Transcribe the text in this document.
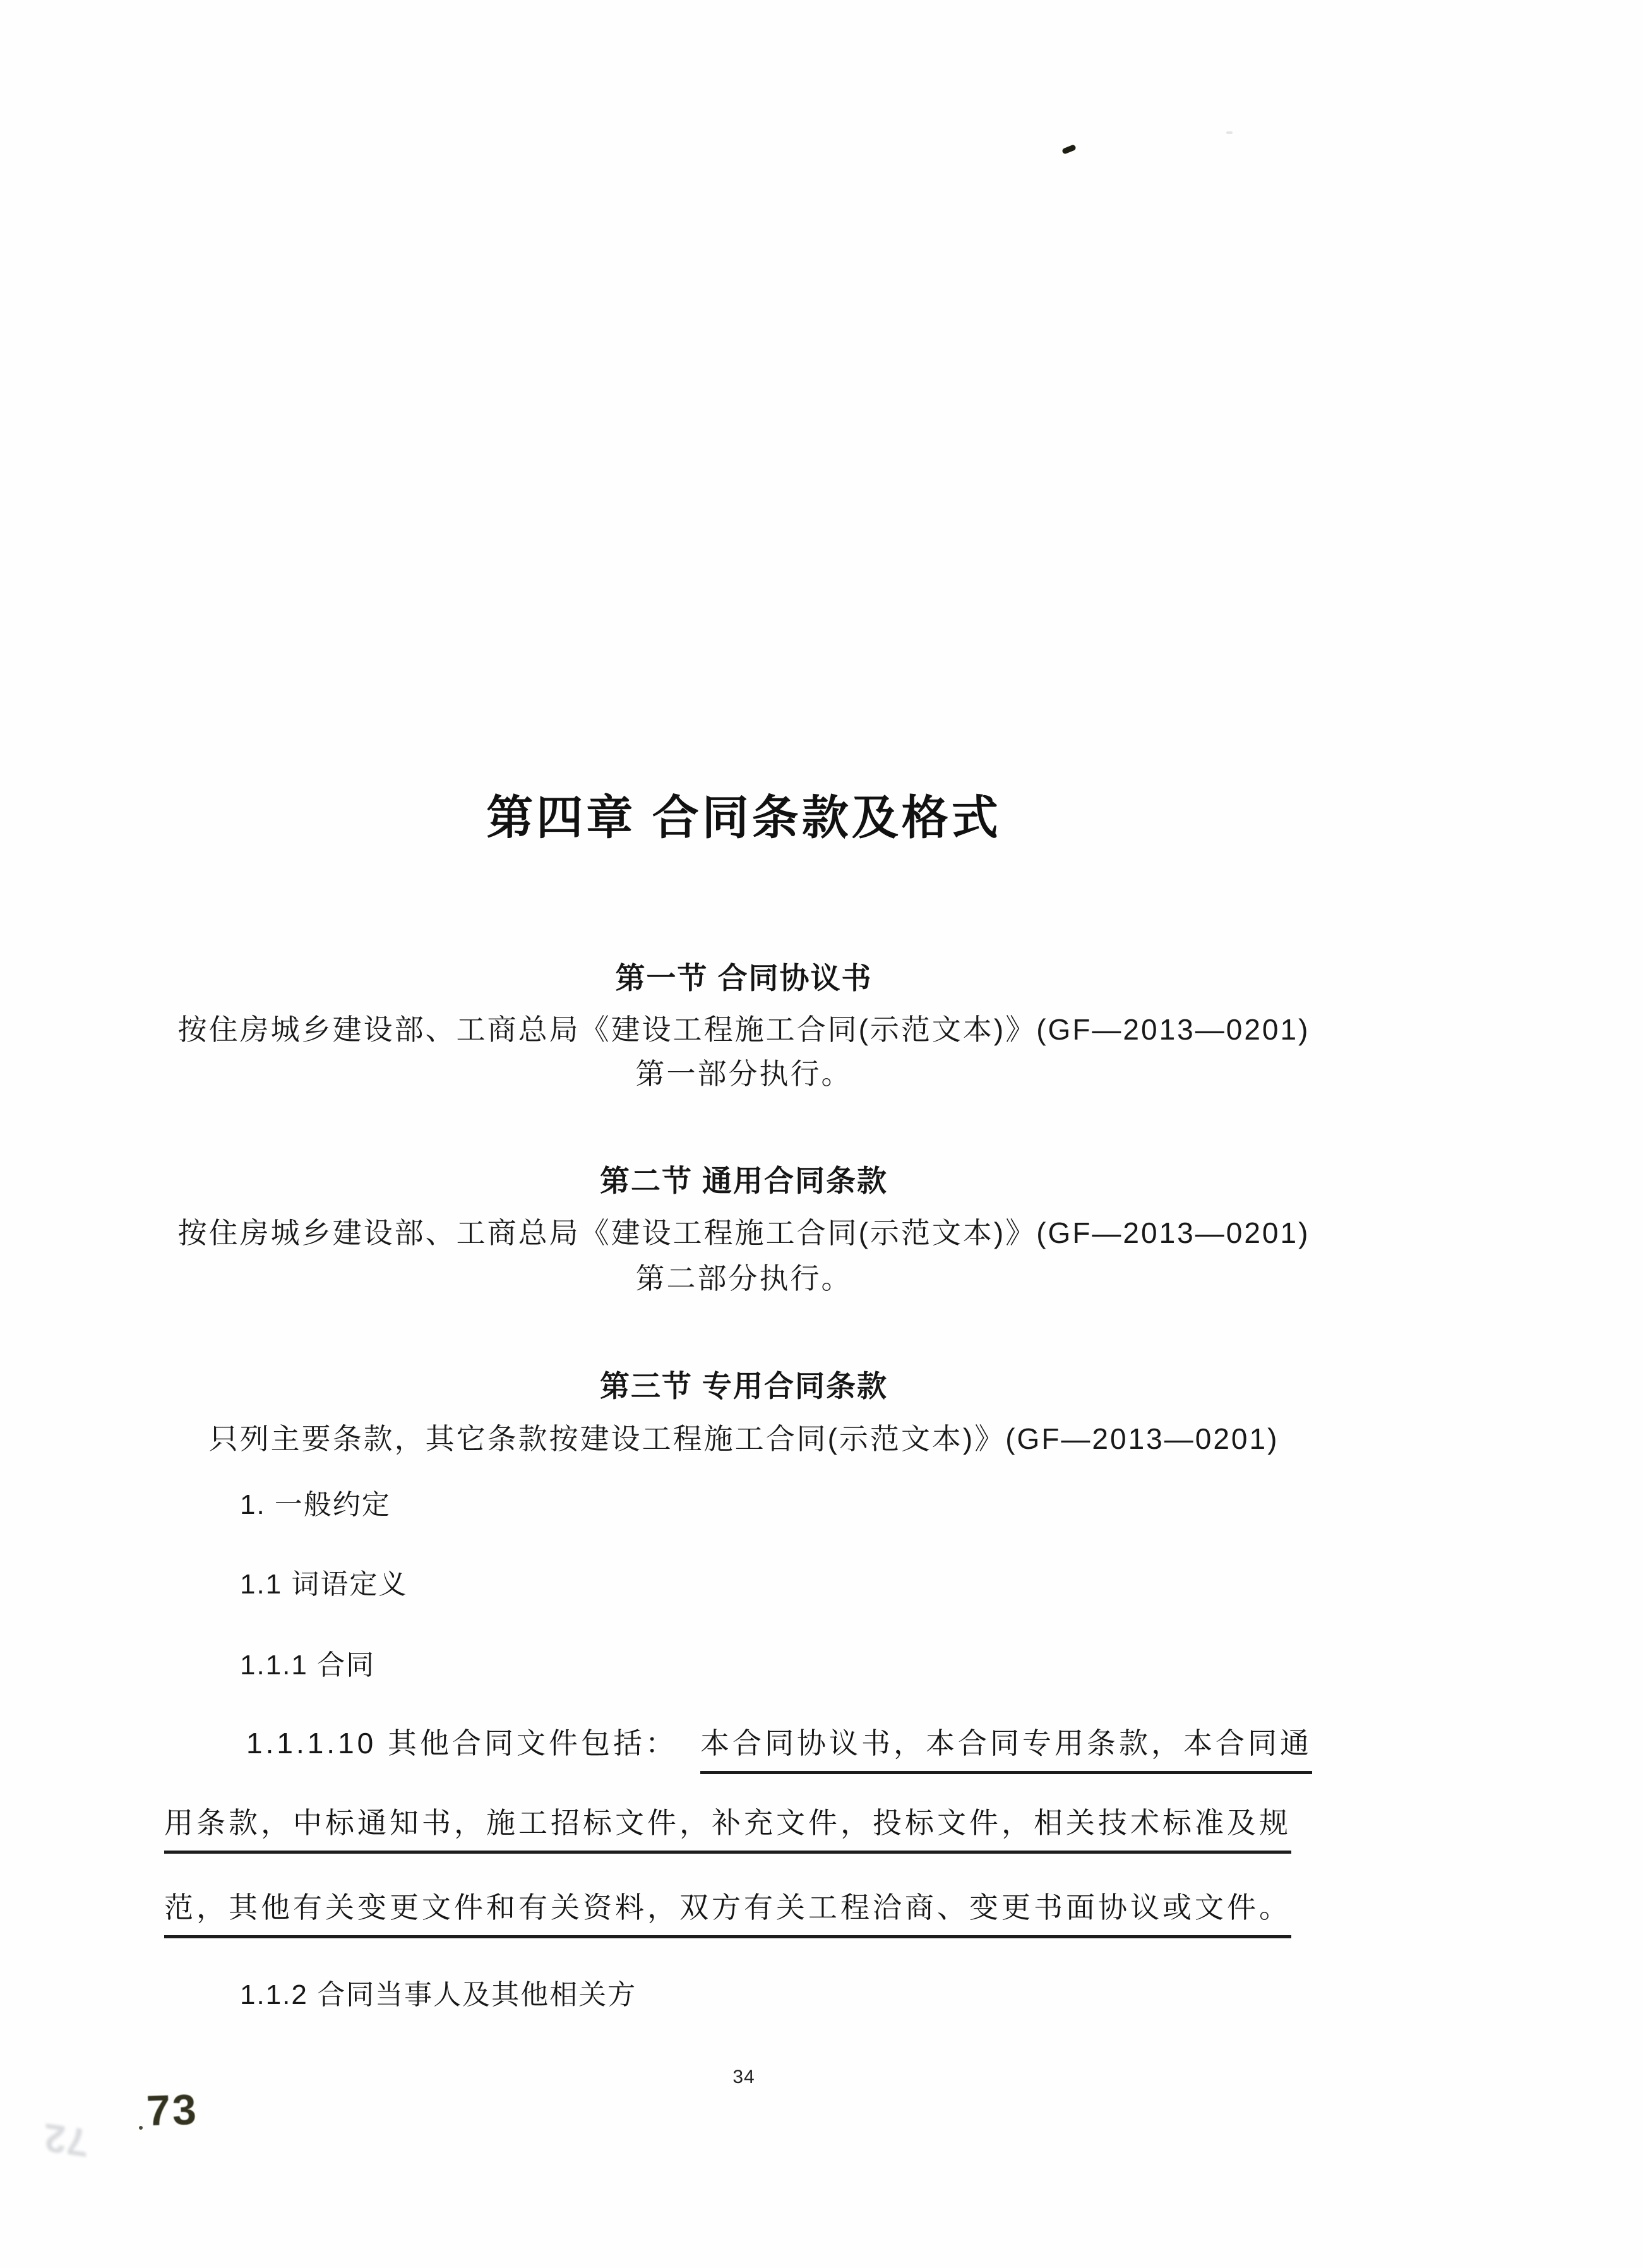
第四章 合同条款及格式
第一节 合同协议书
按住房城乡建设部、工商总局《建设工程施工合同(示范文本)》(GF—2013—0201)
第一部分执行。
第二节 通用合同条款
按住房城乡建设部、工商总局《建设工程施工合同(示范文本)》(GF—2013—0201)
第二部分执行。
第三节 专用合同条款
只列主要条款，其它条款按建设工程施工合同(示范文本)》(GF—2013—0201)
1. 一般约定
1.1 词语定义
1.1.1 合同
1.1.1.10 其他合同文件包括： 本合同协议书，本合同专用条款，本合同通
用条款，中标通知书，施工招标文件，补充文件，投标文件，相关技术标准及规
范，其他有关变更文件和有关资料，双方有关工程洽商、变更书面协议或文件。
1.1.2 合同当事人及其他相关方
34
73
72
